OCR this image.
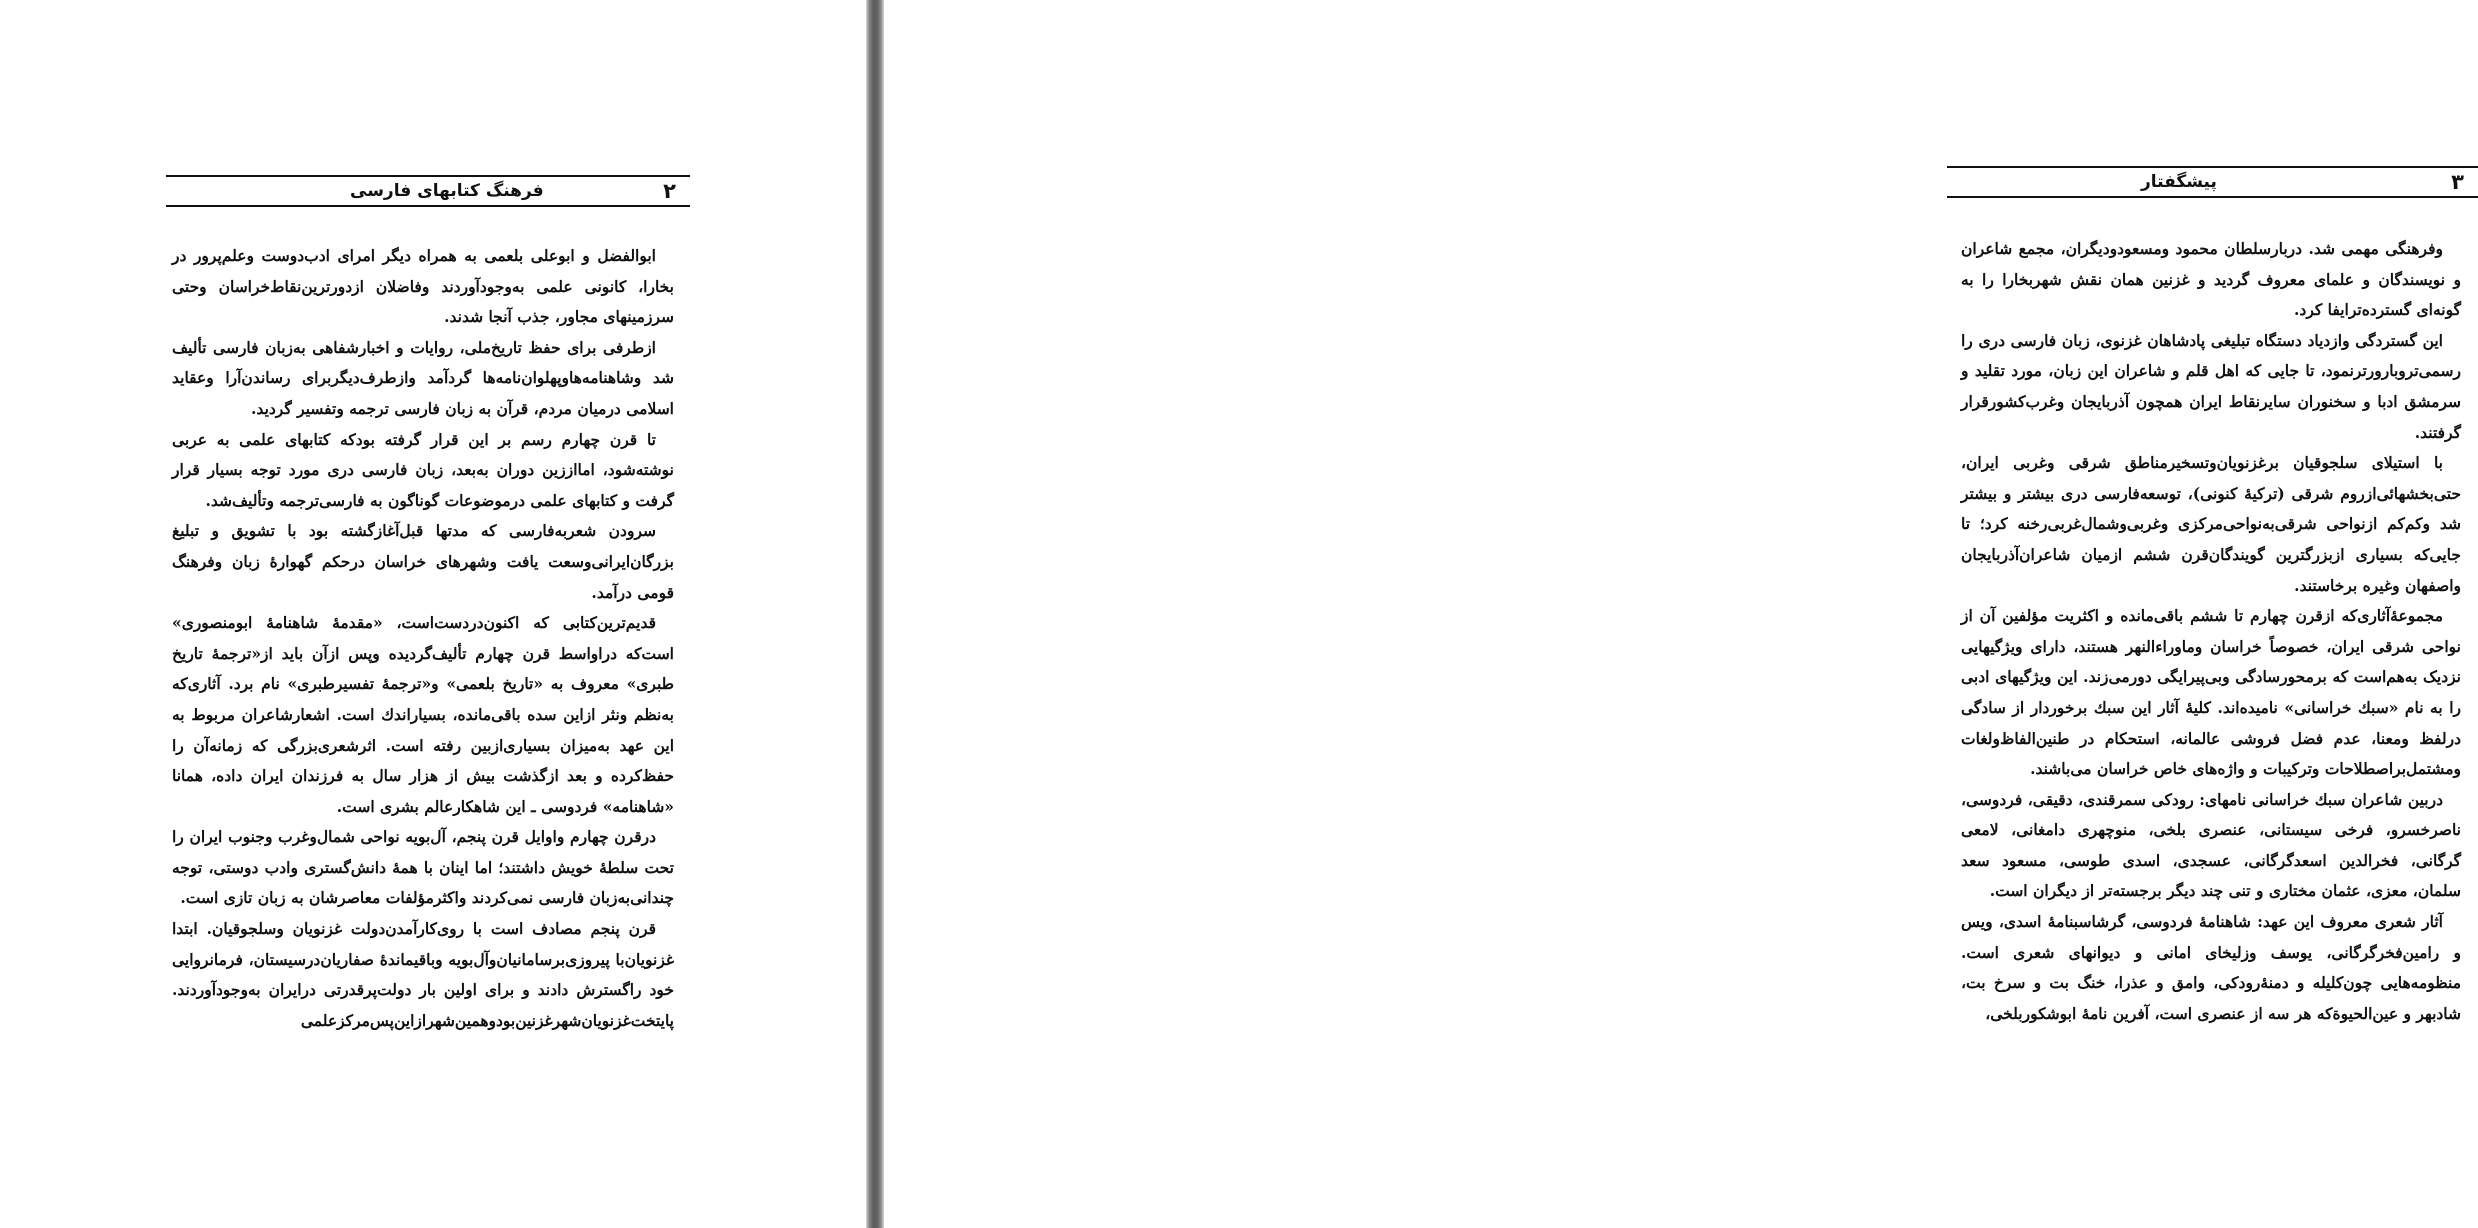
۲
فرهنگ کتابهای فارسی

ابوالفضل و ابوعلی بلعمی به همراه دیگر امرای ادب‌دوست وعلم‌پرور در بخارا، کانونی علمی به‌وجودآوردند وفاضلان ازدورترین‌نقاط‌خراسان وحتی سرزمینهای مجاور، جذب آنجا شدند.

ازطرفی برای حفظ تاریخ‌ملی، روایات و اخبارشفاهی به‌زبان فارسی تألیف شد وشاهنامه‌هاوپهلوان‌نامه‌ها گردآمد وازطرف‌دیگربرای رساندن‌آرا وعقاید اسلامی درمیان مردم، قرآن به زبان فارسی ترجمه وتفسیر گردید.

تا قرن چهارم رسم بر این قرار گرفته بودکه کتابهای علمی به عربی نوشته‌شود، امااززین دوران به‌بعد، زبان فارسی دری مورد توجه بسیار قرار گرفت و کتابهای علمی درموضوعات گوناگون به فارسی‌ترجمه وتألیف‌شد.

سرودن شعربه‌فارسی که مدتها قبل‌آغازگشته بود با تشویق و تبلیغ بزرگان‌ایرانی‌وسعت یافت وشهرهای خراسان درحکم گهوارهٔ زبان وفرهنگ قومی درآمد.

قدیم‌ترین‌کتابی که اکنون‌دردست‌است، «مقدمهٔ شاهنامهٔ ابومنصوری» است‌که دراواسط قرن چهارم تألیف‌گردیده وپس ازآن باید از«ترجمهٔ تاریخ طبری» معروف به «تاریخ بلعمی» و«ترجمهٔ تفسیرطبری» نام برد. آثاری‌که به‌نظم ونثر ازاین سده باقی‌مانده، بسیاراندك است. اشعارشاعران مربوط به این عهد به‌میزان بسیاری‌ازبین رفته است. اثرشعری‌بزرگی که زمانه‌آن را حفظ‌کرده و بعد ازگذشت بیش از هزار سال به فرزندان ایران داده، همانا «شاهنامه» فردوسی ـ این شاهکارعالم بشری است.

درقرن چهارم واوایل قرن پنجم، آل‌بویه نواحی شمال‌وغرب وجنوب ایران را تحت سلطهٔ خویش داشتند؛ اما اینان با همهٔ دانش‌گستری وادب دوستی، توجه چندانی‌به‌زبان فارسی نمی‌کردند واکثرمؤلفات معاصرشان به زبان تازی است.

قرن پنجم مصادف است با روی‌کارآمدن‌دولت غزنویان وسلجوقیان. ابتدا غزنویان‌با پیروزی‌برسامانیان‌وآل‌بویه وباقیماندهٔ صفاریان‌درسیستان، فرمانروایی خود راگسترش دادند و برای اولین بار دولت‌پرقدرتی درایران به‌وجودآوردند. پایتخت‌غزنویان‌شهرغزنین‌بودوهمین‌شهرازاین‌پس‌مرکزعلمی

۳
پیشگفتار

وفرهنگی مهمی شد. دربارسلطان محمود ومسعودودیگران، مجمع شاعران و نویسندگان و علمای معروف گردید و غزنین همان نقش شهربخارا را به گونه‌ای گسترده‌ترایفا کرد.

این گستردگی وازدیاد دستگاه تبلیغی پادشاهان غزنوی، زبان فارسی دری را رسمی‌تروبارورترنمود، تا جایی که اهل قلم و شاعران این زبان، مورد تقلید و سرمشق ادبا و سخنوران سایرنقاط ایران همچون آذربایجان وغرب‌کشورقرار گرفتند.

با استیلای سلجوقیان برغزنویان‌وتسخیرمناطق شرقی وغربی ایران، حتی‌بخشهائی‌ازروم شرقی (ترکیهٔ کنونی)، توسعه‌فارسی دری بیشتر و بیشتر شد وکم‌کم ازنواحی شرقی‌به‌نواحی‌مرکزی وغربی‌وشمال‌غربی‌رخنه کرد؛ تا جایی‌که بسیاری ازبزرگترین گویندگان‌قرن ششم ازمیان شاعران‌آذربایجان واصفهان وغیره برخاستند.

مجموعهٔ‌آثاری‌که ازقرن چهارم تا ششم باقی‌مانده و اکثریت مؤلفین آن از نواحی شرقی ایران، خصوصاً خراسان وماوراءالنهر هستند، دارای ویژگیهایی نزدیک به‌هم‌است که برمحورسادگی وبی‌پیرایگی دورمی‌زند. این ویژگیهای ادبی را به نام «سبك خراسانی» نامیده‌اند. کلیهٔ آثار این سبك برخوردار از سادگی درلفظ ومعنا، عدم فضل فروشی عالمانه، استحکام در طنین‌الفاظ‌ولغات ومشتمل‌براصطلاحات وترکیبات و واژه‌های خاص خراسان می‌باشند.

دربین شاعران سبك خراسانی نامهای: رودکی سمرقندی، دقیقی، فردوسی، ناصرخسرو، فرخی سیستانی، عنصری بلخی، منوچهری دامغانی، لامعی گرگانی، فخرالدین اسعدگرگانی، عسجدی، اسدی طوسی، مسعود سعد سلمان، معزی، عثمان مختاری و تنی چند دیگر برجسته‌تر از دیگران است.

آثار شعری معروف این عهد: شاهنامهٔ فردوسی، گرشاسبنامهٔ اسدی، ویس و رامین‌فخرگرگانی، یوسف وزلیخای امانی و دیوانهای شعری است. منظومه‌هایی چون‌کلیله و دمنهٔ‌رودکی، وامق و عذرا، خنگ بت و سرخ بت، شادبهر و عین‌الحیوة‌که هر سه از عنصری است، آفرین نامهٔ ابوشکوربلخی،
